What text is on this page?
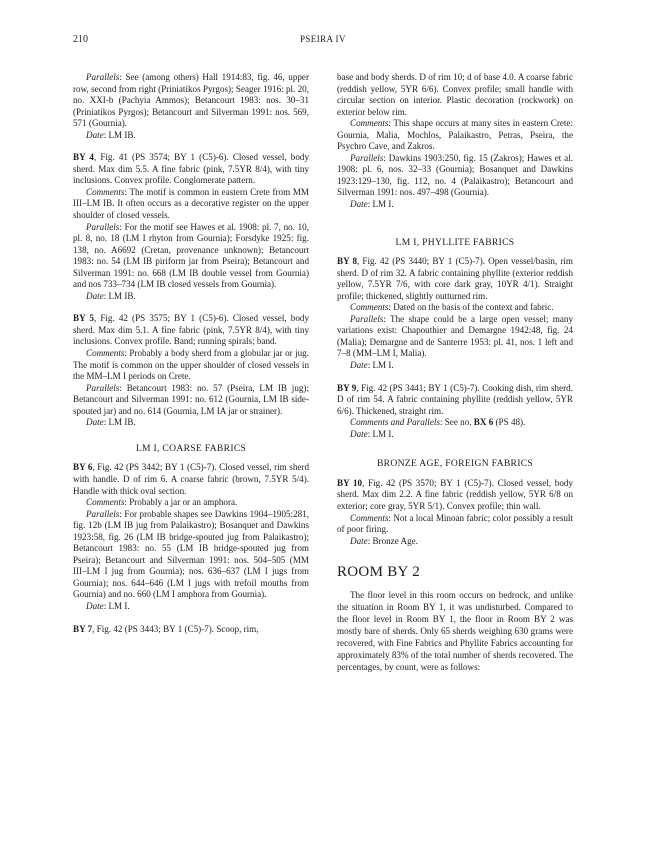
210	PSEIRA IV

Parallels: See (among others) Hall 1914:83, fig. 46, upper row, second from right (Priniatikos Pyrgos); Seager 1916: pl. 20, no. XXI-b (Pachyia Ammos); Betancourt 1983: nos. 30–31 (Priniatikos Pyrgos); Betancourt and Silverman 1991: nos. 569, 571 (Gournia).

Date: LM IB.

BY 4, Fig. 41 (PS 3574; BY 1 (C5)-6). Closed vessel, body sherd. Max dim 5.5. A fine fabric (pink, 7.5YR 8/4), with tiny inclusions. Convex profile. Conglomerate pattern.

Comments: The motif is common in eastern Crete from MM III–LM IB. It often occurs as a decorative register on the upper shoulder of closed vessels.

Parallels: For the motif see Hawes et al. 1908: pl. 7, no. 10, pl. 8, no. 18 (LM I rhyton from Gournia); Forsdyke 1925: fig. 138, no. A6692 (Cretan, provenance unknown); Betancourt 1983: no. 54 (LM IB piriform jar from Pseira); Betancourt and Silverman 1991: no. 668 (LM IB double vessel from Gournia) and nos 733–734 (LM IB closed vessels from Gournia).

Date: LM IB.

BY 5, Fig. 42 (PS 3575; BY 1 (C5)-6). Closed vessel, body sherd. Max dim 5.1. A fine fabric (pink, 7.5YR 8/4), with tiny inclusions. Convex profile. Band; running spirals; band.

Comments: Probably a body sherd from a globular jar or jug. The motif is common on the upper shoulder of closed vessels in the MM–LM I periods on Crete.

Parallels: Betancourt 1983: no. 57 (Pseira, LM IB jug); Betancourt and Silverman 1991: no. 612 (Gournia, LM IB side-spouted jar) and no. 614 (Gournia, LM IA jar or strainer).

Date: LM IB.

LM I, COARSE FABRICS

BY 6, Fig. 42 (PS 3442; BY 1 (C5)-7). Closed vessel, rim sherd with handle. D of rim 6. A coarse fabric (brown, 7.5YR 5/4). Handle with thick oval section.

Comments: Probably a jar or an amphora.

Parallels: For probable shapes see Dawkins 1904–1905:281, fig. 12b (LM IB jug from Palaikastro); Bosanquet and Dawkins 1923:58, fig. 26 (LM IB bridge-spouted jug from Palaikastro); Betancourt 1983: no. 55 (LM IB bridge-spouted jug from Pseira); Betancourt and Silverman 1991: nos. 504–505 (MM III–LM I jug from Gournia); nos. 636–637 (LM I jugs from Gournia); nos. 644–646 (LM I jugs with trefoil mouths from Gournia) and no. 660 (LM I amphora from Gournia).

Date: LM I.

BY 7, Fig. 42 (PS 3443; BY 1 (C5)-7). Scoop, rim,

base and body sherds. D of rim 10; d of base 4.0. A coarse fabric (reddish yellow, 5YR 6/6). Convex profile; small handle with circular section on interior. Plastic decoration (rockwork) on exterior below rim.

Comments: This shape occurs at many sites in eastern Crete: Gournia, Malia, Mochlos, Palaikastro, Petras, Pseira, the Psychro Cave, and Zakros.

Parallels: Dawkins 1903:250, fig. 15 (Zakros); Hawes et al. 1908: pl. 6, nos. 32–33 (Gournia); Bosanquet and Dawkins 1923:129–130, fig. 112, no. 4 (Palaikastro); Betancourt and Silverman 1991: nos. 497–498 (Gournia).

Date: LM I.

LM I, PHYLLITE FABRICS

BY 8, Fig. 42 (PS 3440; BY 1 (C5)-7). Open vessel/basin, rim sherd. D of rim 32. A fabric containing phyllite (exterior reddish yellow, 7.5YR 7/6, with core dark gray, 10YR 4/1). Straight profile; thickened, slightly outturned rim.

Comments: Dated on the basis of the context and fabric.

Parallels: The shape could be a large open vessel; many variations exist: Chapouthier and Demargne 1942:48, fig. 24 (Malia); Demargne and de Santerre 1953: pl. 41, nos. 1 left and 7–8 (MM–LM I, Malia).

Date: LM I.

BY 9, Fig. 42 (PS 3441; BY 1 (C5)-7). Cooking dish, rim sherd. D of rim 54. A fabric containing phyllite (reddish yellow, 5YR 6/6). Thickened, straight rim.

Comments and Parallels: See no. BX 6 (PS 48).

Date: LM I.

BRONZE AGE, FOREIGN FABRICS

BY 10, Fig. 42 (PS 3570; BY 1 (C5)-7). Closed vessel, body sherd. Max dim 2.2. A fine fabric (reddish yellow, 5YR 6/8 on exterior; core gray, 5YR 5/1). Convex profile; thin wall.

Comments: Not a local Minoan fabric; color possibly a result of poor firing.

Date: Bronze Age.

ROOM BY 2

The floor level in this room occurs on bedrock, and unlike the situation in Room BY 1, it was undisturbed. Compared to the floor level in Room BY 1, the floor in Room BY 2 was mostly bare of sherds. Only 65 sherds weighing 630 grams were recovered, with Fine Fabrics and Phyllite Fabrics accounting for approximately 83% of the total number of sherds recovered. The percentages, by count, were as follows:
